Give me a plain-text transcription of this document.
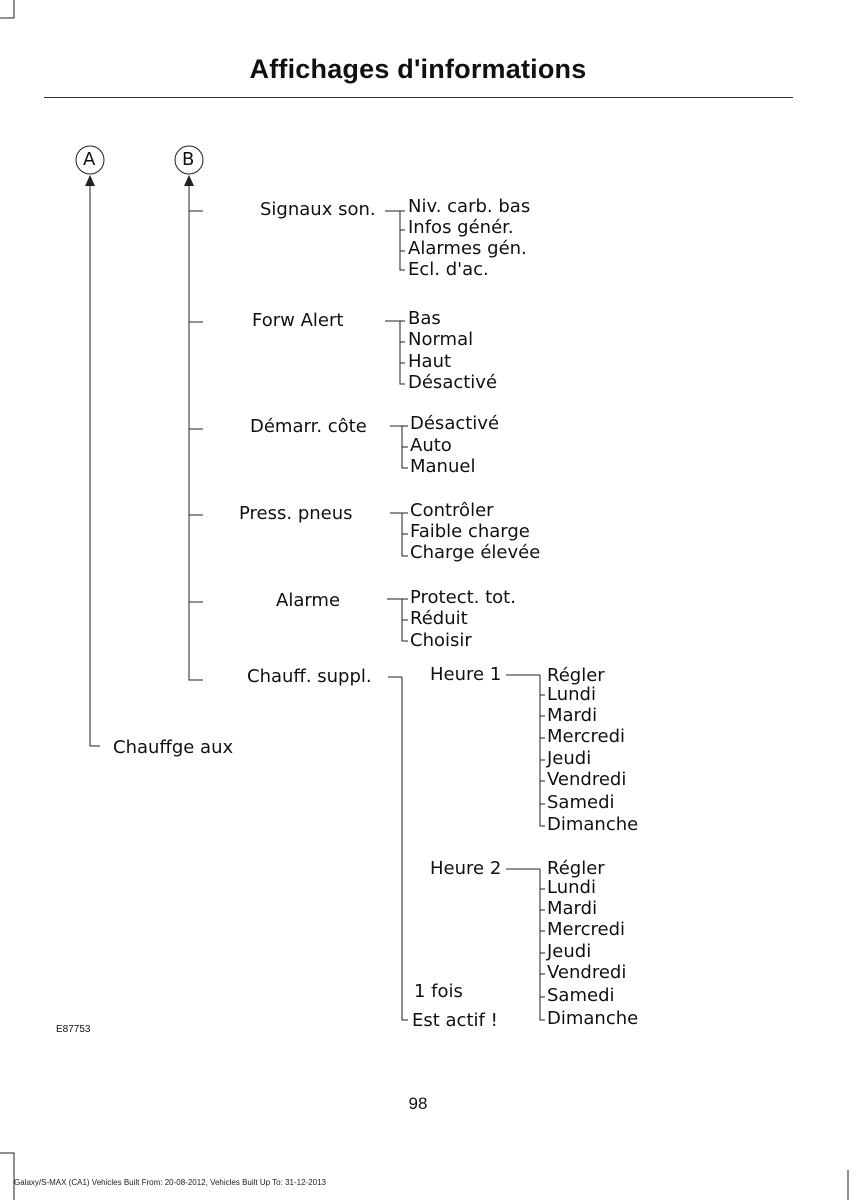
Affichages d'informations
A	B
Chauffge aux
Signaux son. Niv. carb. bas
Infos génér.
Alarmes gén.
Ecl. d'ac.
Forw Alert	Bas
Normal
Haut
Désactivé
Démarr. côte Désactivé
Auto
Manuel
Press. pneus	Contrôler
Faible charge
Charge élevée
Alarme	Protect. tot.
Réduit
Choisir
Chauff. suppl.	Heure 1	Régler
Lundi
Mardi
Mercredi
Jeudi
Vendredi
Samedi
Dimanche
Heure 2	Régler
Lundi
Mardi
Mercredi
Jeudi
Vendredi
Samedi
Dimanche
1 fois
Est actif !
E87753
98
Galaxy/S-MAX (CA1) Vehicles Built From: 20-08-2012, Vehicles Built Up To: 31-12-2013
